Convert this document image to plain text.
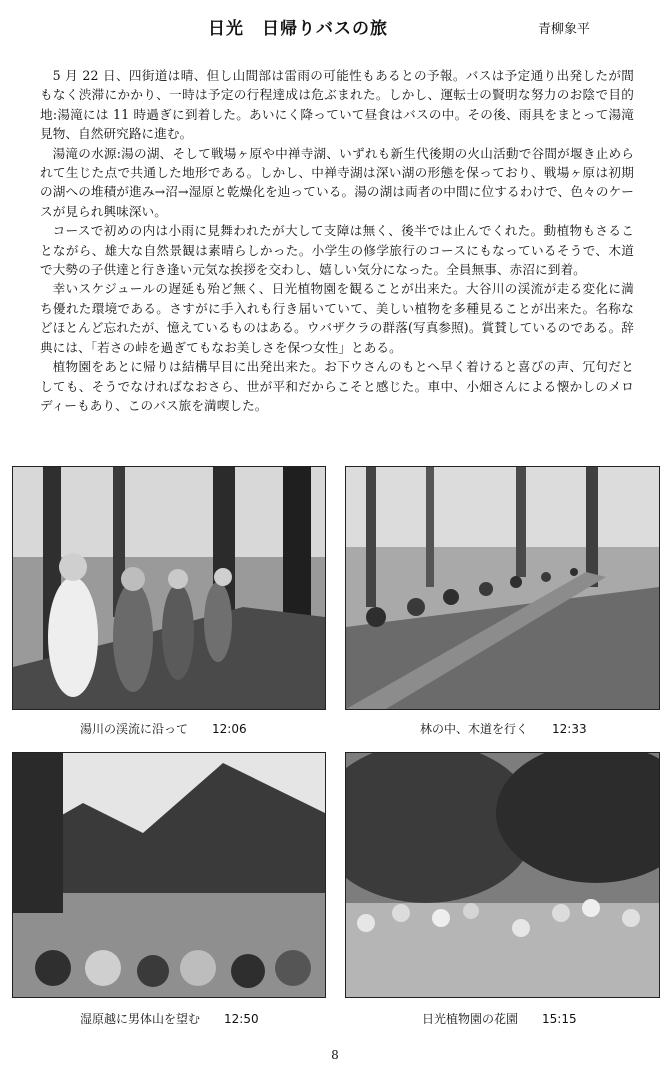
日光　日帰りバスの旅	青柳象平

5 月 22 日、四街道は晴、但し山間部は雷雨の可能性もあるとの予報。バスは予定通り出発したが間もなく渋滞にかかり、一時は予定の行程達成は危ぶまれた。しかし、運転士の賢明な努力のお陰で目的地:湯滝には 11 時過ぎに到着した。あいにく降っていて昼食はバスの中。その後、雨具をまとって湯滝見物、自然研究路に進む。

湯滝の水源:湯の湖、そして戦場ヶ原や中禅寺湖、いずれも新生代後期の火山活動で谷間が堰き止められて生じた点で共通した地形である。しかし、中禅寺湖は深い湖の形態を保っており、戦場ヶ原は初期の湖への堆積が進み→沼→湿原と乾燥化を辿っている。湯の湖は両者の中間に位するわけで、色々のケースが見られ興味深い。

コースで初めの内は小雨に見舞われたが大して支障は無く、後半では止んでくれた。動植物もさることながら、雄大な自然景観は素晴らしかった。小学生の修学旅行のコースにもなっているそうで、木道で大勢の子供達と行き逢い元気な挨拶を交わし、嬉しい気分になった。全員無事、赤沼に到着。

幸いスケジュールの遅延も殆ど無く、日光植物園を観ることが出来た。大谷川の渓流が走る変化に満ち優れた環境である。さすがに手入れも行き届いていて、美しい植物を多種見ることが出来た。名称などほとんど忘れたが、憶えているものはある。ウバザクラの群落(写真参照)。賞賛しているのである。辞典には、「若さの峠を過ぎてもなお美しさを保つ女性」とある。

植物園をあとに帰りは結構早目に出発出来た。お下ウさんのもとへ早く着けると喜びの声、冗句だとしても、そうでなければなおさら、世が平和だからこそと感じた。車中、小畑さんによる懐かしのメロディーもあり、このバス旅を満喫した。

湯川の渓流に沿って 12:06	林の中、木道を行く 12:33
湿原越に男体山を望む 12:50	日光植物園の花園 15:15
8
